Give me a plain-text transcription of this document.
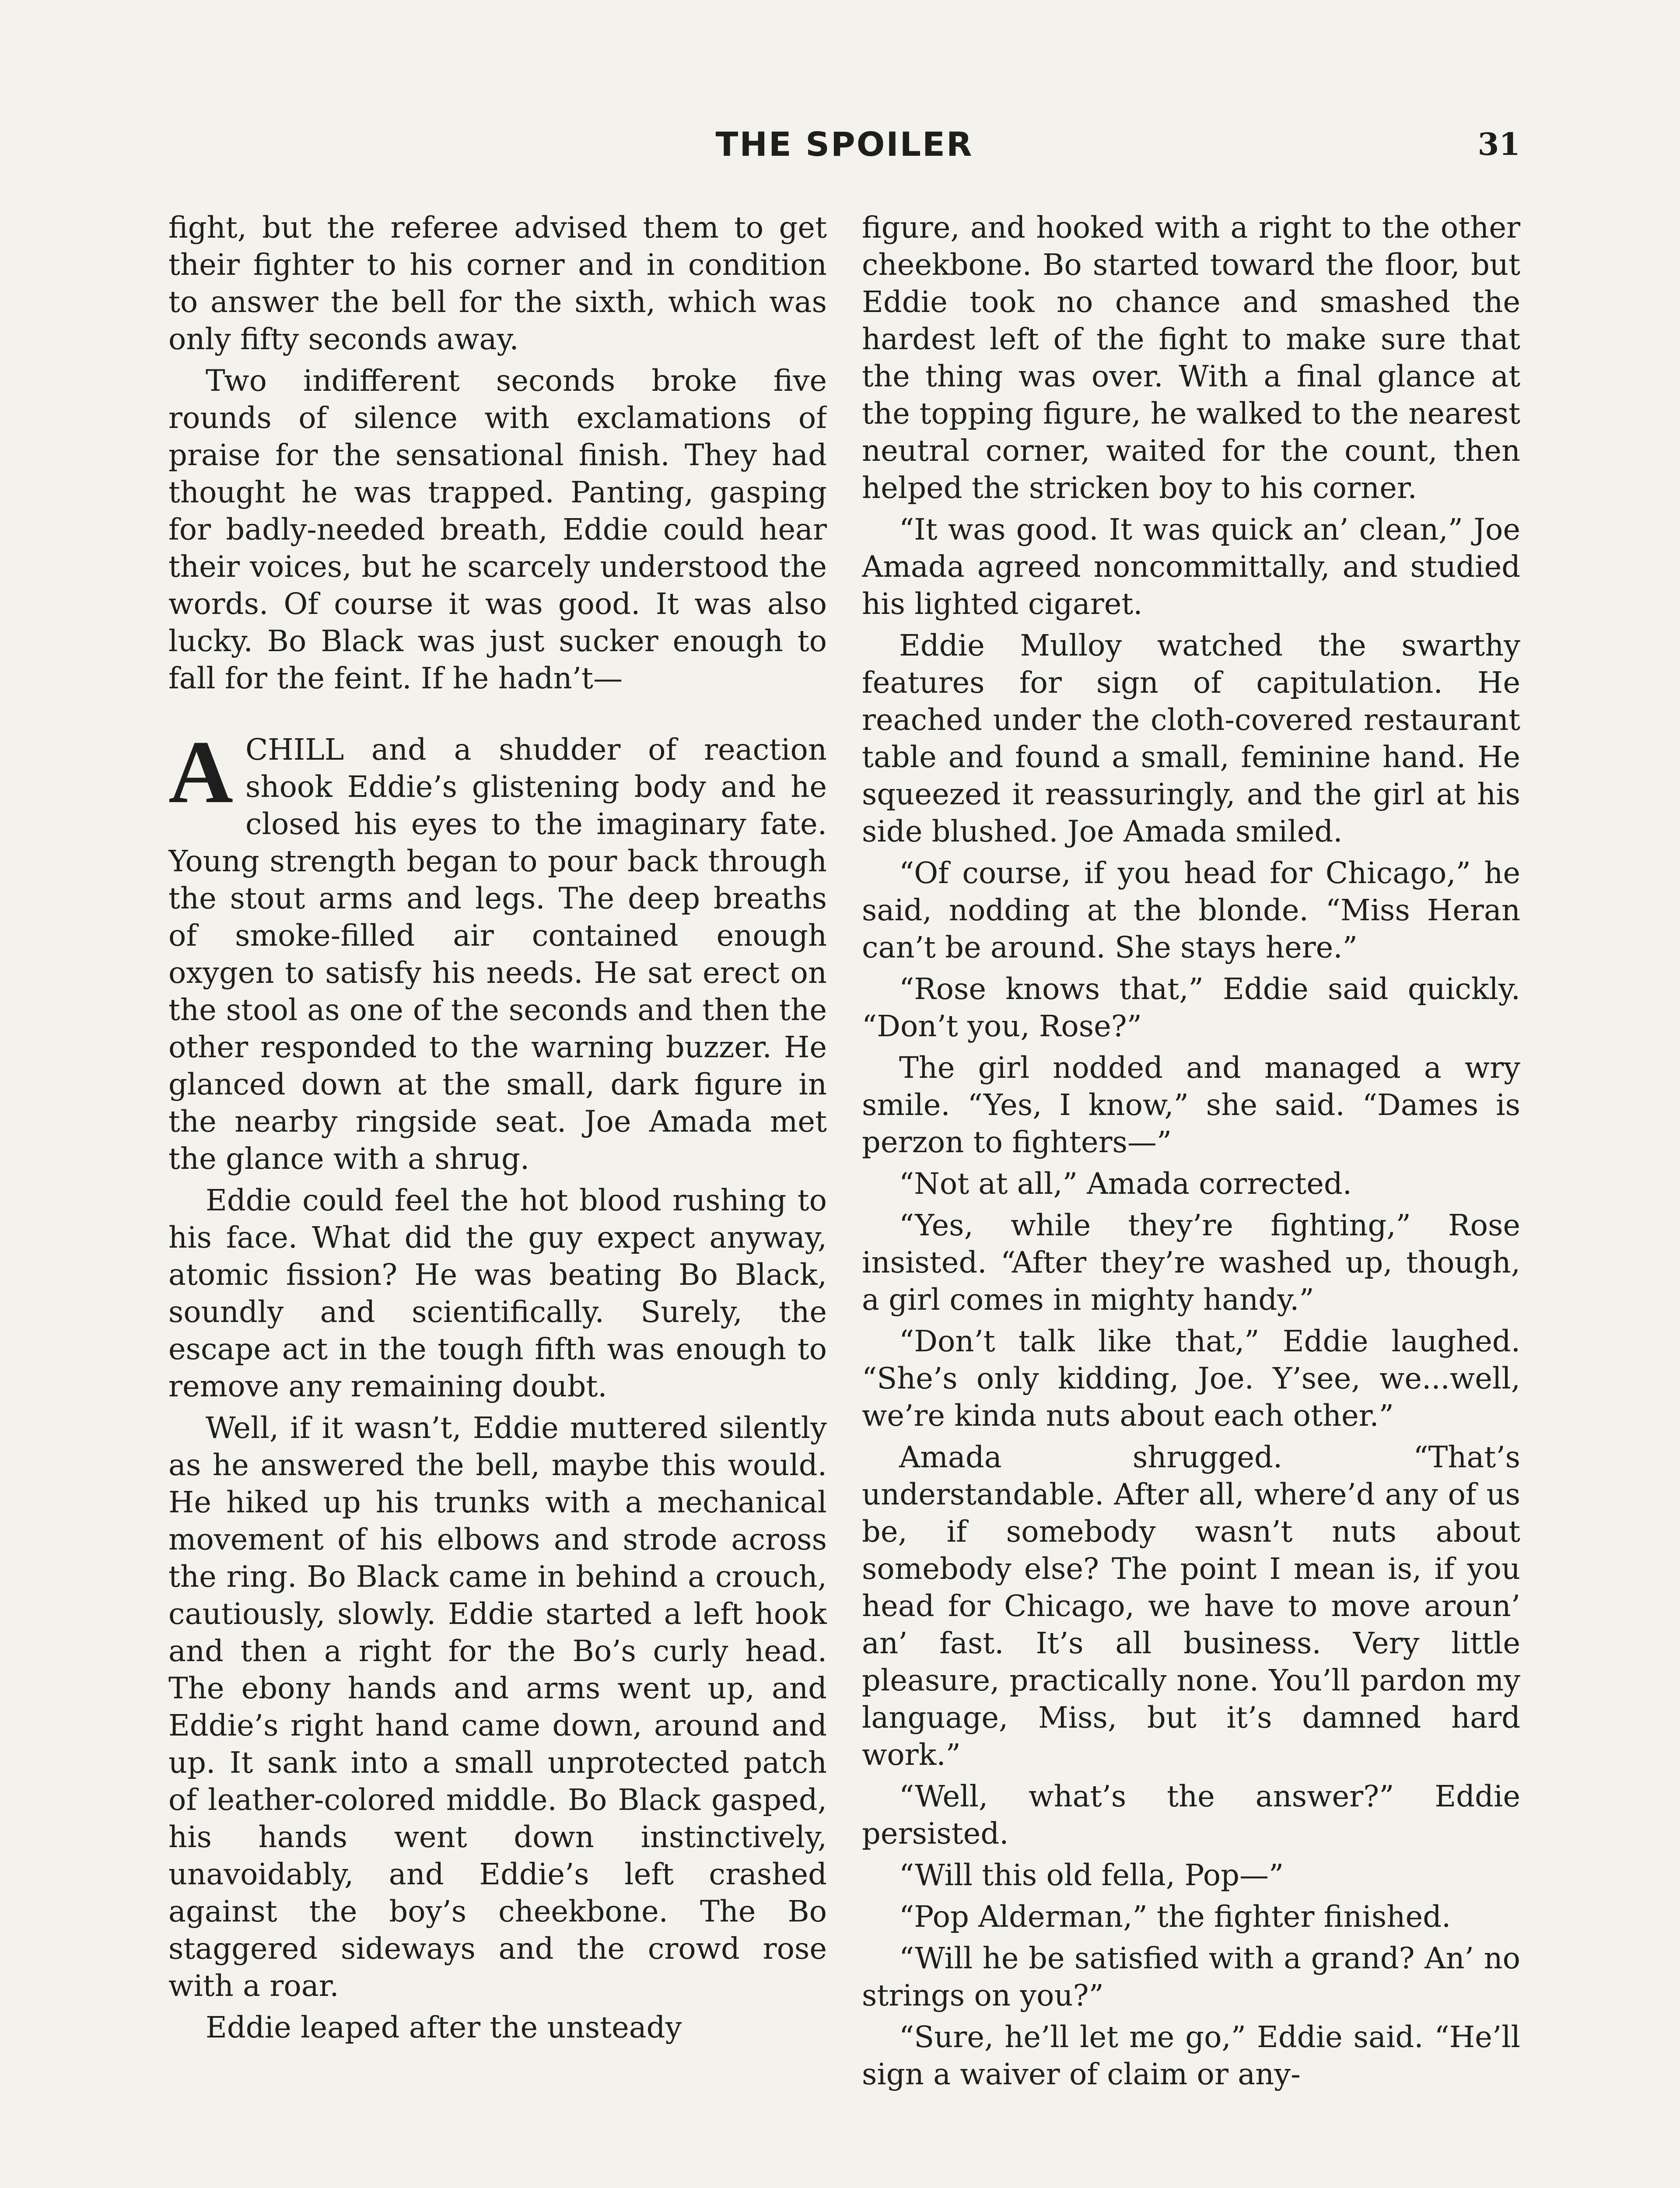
THE SPOILER	31

fight, but the referee advised them to get their fighter to his corner and in condition to answer the bell for the sixth, which was only fifty seconds away.

Two indifferent seconds broke five rounds of silence with exclamations of praise for the sensational finish. They had thought he was trapped. Panting, gasping for badly-needed breath, Eddie could hear their voices, but he scarcely understood the words. Of course it was good. It was also lucky. Bo Black was just sucker enough to fall for the feint. If he hadn’t—

ACHILL and a shudder of reaction shook Eddie’s glistening body and he closed his eyes to the imaginary fate. Young strength began to pour back through the stout arms and legs. The deep breaths of smoke-filled air contained enough oxygen to satisfy his needs. He sat erect on the stool as one of the seconds and then the other responded to the warning buzzer. He glanced down at the small, dark figure in the nearby ringside seat. Joe Amada met the glance with a shrug.

Eddie could feel the hot blood rushing to his face. What did the guy expect anyway, atomic fission? He was beating Bo Black, soundly and scientifically. Surely, the escape act in the tough fifth was enough to remove any remaining doubt.

Well, if it wasn’t, Eddie muttered silently as he answered the bell, maybe this would. He hiked up his trunks with a mechanical movement of his elbows and strode across the ring. Bo Black came in behind a crouch, cautiously, slowly. Eddie started a left hook and then a right for the Bo’s curly head. The ebony hands and arms went up, and Eddie’s right hand came down, around and up. It sank into a small unprotected patch of leather-colored middle. Bo Black gasped, his hands went down instinctively, unavoidably, and Eddie’s left crashed against the boy’s cheekbone. The Bo staggered sideways and the crowd rose with a roar.

Eddie leaped after the unsteady

figure, and hooked with a right to the other cheekbone. Bo started toward the floor, but Eddie took no chance and smashed the hardest left of the fight to make sure that the thing was over. With a final glance at the topping figure, he walked to the nearest neutral corner, waited for the count, then helped the stricken boy to his corner.

“It was good. It was quick an’ clean,” Joe Amada agreed noncommittally, and studied his lighted cigaret.

Eddie Mulloy watched the swarthy features for sign of capitulation. He reached under the cloth-covered restaurant table and found a small, feminine hand. He squeezed it reassuringly, and the girl at his side blushed. Joe Amada smiled.

“Of course, if you head for Chicago,” he said, nodding at the blonde. “Miss Heran can’t be around. She stays here.”

“Rose knows that,” Eddie said quickly. “Don’t you, Rose?”

The girl nodded and managed a wry smile. “Yes, I know,” she said. “Dames is perzon to fighters—”

“Not at all,” Amada corrected.

“Yes, while they’re fighting,” Rose insisted. “After they’re washed up, though, a girl comes in mighty handy.”

“Don’t talk like that,” Eddie laughed. “She’s only kidding, Joe. Y’see, we...well, we’re kinda nuts about each other.”

Amada shrugged. “That’s understandable. After all, where’d any of us be, if somebody wasn’t nuts about somebody else? The point I mean is, if you head for Chicago, we have to move aroun’ an’ fast. It’s all business. Very little pleasure, practically none. You’ll pardon my language, Miss, but it’s damned hard work.”

“Well, what’s the answer?” Eddie persisted.

“Will this old fella, Pop—”

“Pop Alderman,” the fighter finished.

“Will he be satisfied with a grand? An’ no strings on you?”

“Sure, he’ll let me go,” Eddie said. “He’ll sign a waiver of claim or any-
